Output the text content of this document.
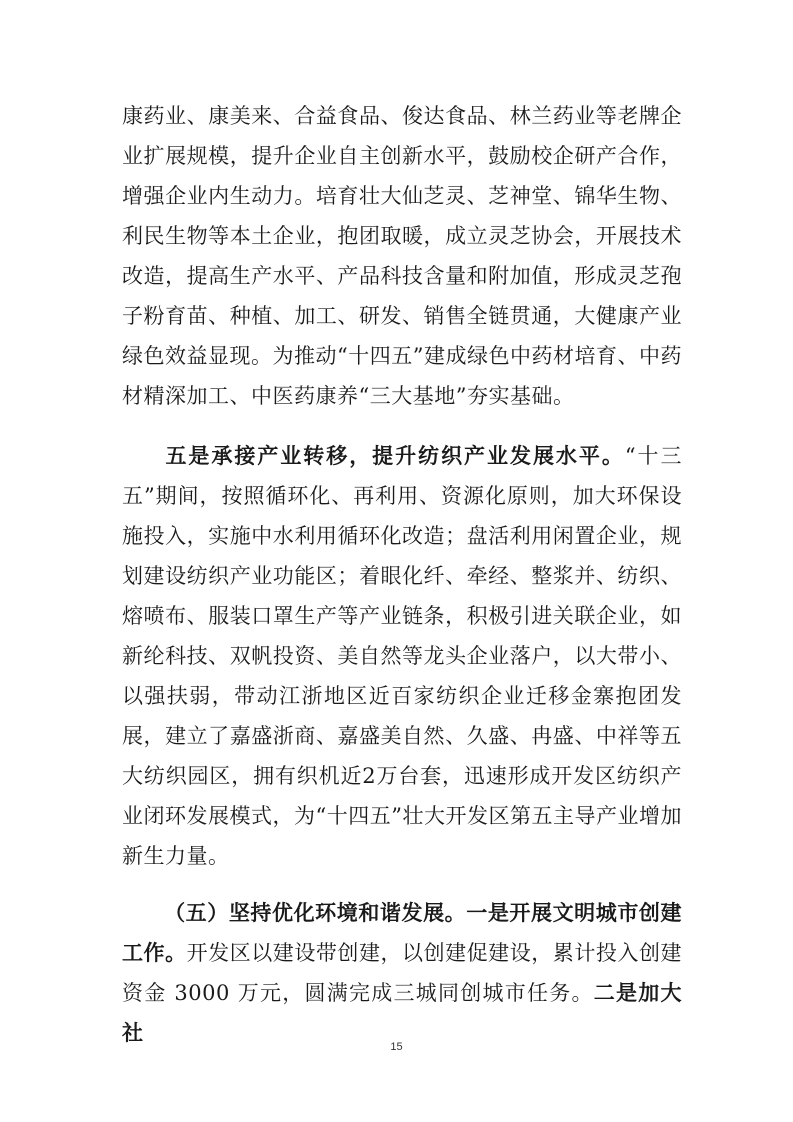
康药业、康美来、合益食品、俊达食品、林兰药业等老牌企业扩展规模，提升企业自主创新水平，鼓励校企研产合作，增强企业内生动力。培育壮大仙芝灵、芝神堂、锦华生物、利民生物等本土企业，抱团取暖，成立灵芝协会，开展技术改造，提高生产水平、产品科技含量和附加值，形成灵芝孢子粉育苗、种植、加工、研发、销售全链贯通，大健康产业绿色效益显现。为推动“十四五”建成绿色中药材培育、中药材精深加工、中医药康养“三大基地”夯实基础。
五是承接产业转移，提升纺织产业发展水平。“十三五”期间，按照循环化、再利用、资源化原则，加大环保设施投入，实施中水利用循环化改造；盘活利用闲置企业，规划建设纺织产业功能区；着眼化纤、牵经、整浆并、纺织、熔喷布、服装口罩生产等产业链条，积极引进关联企业，如新纶科技、双帆投资、美自然等龙头企业落户，以大带小、以强扶弱，带动江浙地区近百家纺织企业迁移金寨抱团发展，建立了嘉盛浙商、嘉盛美自然、久盛、冉盛、中祥等五大纺织园区，拥有织机近2万台套，迅速形成开发区纺织产业闭环发展模式，为“十四五”壮大开发区第五主导产业增加新生力量。
（五）坚持优化环境和谐发展。一是开展文明城市创建工作。开发区以建设带创建，以创建促建设，累计投入创建资金 3000 万元，圆满完成三城同创城市任务。二是加大社
15
